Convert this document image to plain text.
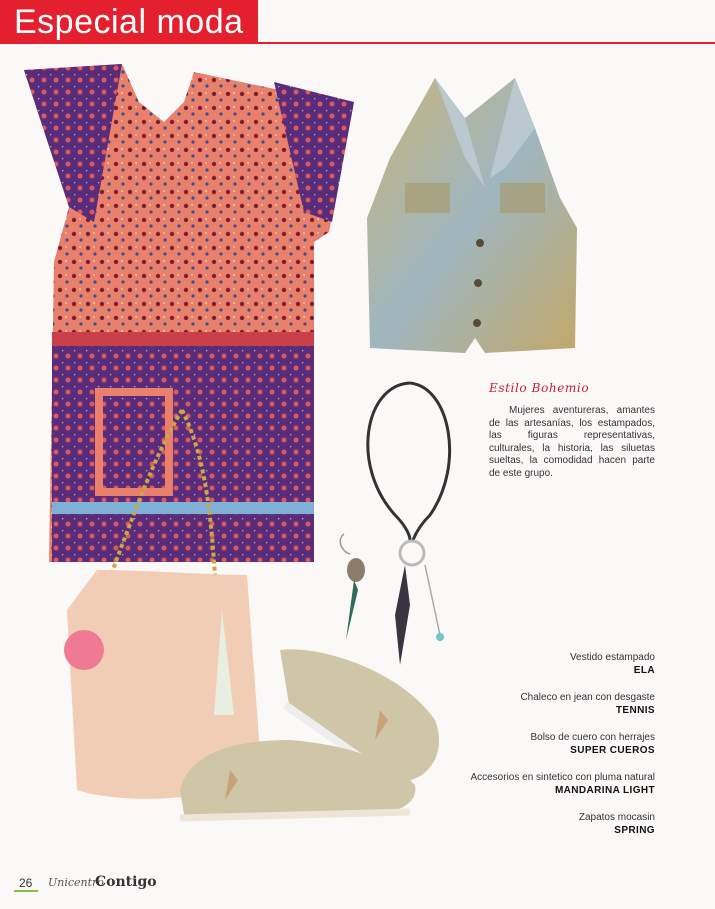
Especial moda
Estilo Bohemio
Mujeres aventureras, amantes de las artesanías, los estampados, las figuras representativas, culturales, la historia, las siluetas sueltas, la comodidad hacen parte de este grupo.
Vestido estampado
ELA
Chaleco en jean con desgaste
TENNIS
Bolso de cuero con herrajes
SUPER CUEROS
Accesorios en sintetico con pluma natural
MANDARINA LIGHT
Zapatos mocasin
SPRING
26 Unicentro
Contigo
